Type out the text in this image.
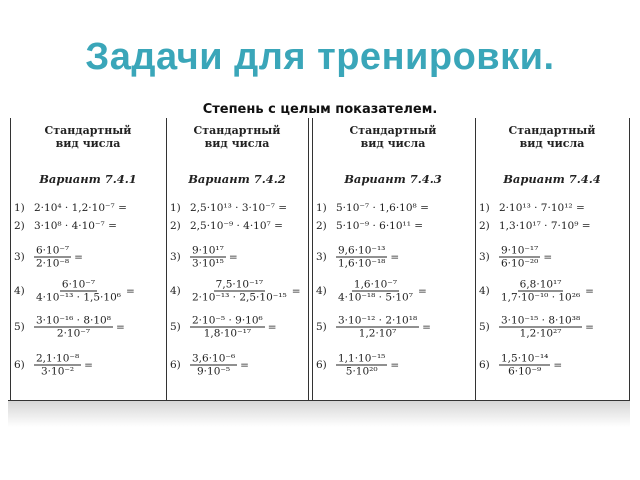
Задачи для тренировки.
Степень с целым показателем.
Стандартный вид числа
Вариант 7.4.1
1) 2·10⁴ · 1,2·10⁻⁷ =
2) 3·10⁸ · 4·10⁻⁷ =
$3) \frac{\text{6·10⁻⁷}}{\text{2·10⁻⁸}}$ =
$4) \frac{\text{6·10⁻⁷}}{\text{4·10⁻¹³ · 1,5·10⁶}}$ =
$5) \frac{\text{3·10⁻¹⁶ · 8·10⁸}}{\text{2·10⁻⁷}}$ =
$6) \frac{\text{2,1·10⁻⁸}}{\text{3·10⁻²}}$ =
Стандартный вид числа
Вариант 7.4.2
1) 2,5·10¹³ · 3·10⁻⁷ =
2) 2,5·10⁻⁹ · 4·10⁷ =
$3) \frac{\text{9·10¹⁷}}{\text{3·10¹⁵}}$ =
$4) \frac{\text{7,5·10⁻¹⁷}}{\text{2·10⁻¹³ · 2,5·10⁻¹⁵}}$ =
$5) \frac{\text{2·10⁻⁵ · 9·10⁶}}{\text{1,8·10⁻¹⁷}}$ =
$6) \frac{\text{3,6·10⁻⁶}}{\text{9·10⁻⁵}}$ =
Стандартный вид числа
Вариант 7.4.3
1) 5·10⁻⁷ · 1,6·10⁸ =
2) 5·10⁻⁹ · 6·10¹¹ =
$3) \frac{\text{9,6·10⁻¹³}}{\text{1,6·10⁻¹⁸}}$ =
$4) \frac{\text{1,6·10⁻⁷}}{\text{4·10⁻¹⁸ · 5·10⁷}}$ =
$5) \frac{\text{3·10⁻¹² · 2·10¹⁸}}{\text{1,2·10⁷}}$ =
$6) \frac{\text{1,1·10⁻¹⁵}}{\text{5·10²⁰}}$ =
Стандартный вид числа
Вариант 7.4.4
1) 2·10¹³ · 7·10¹² =
2) 1,3·10¹⁷ · 7·10⁹ =
$3) \frac{\text{9·10⁻¹⁷}}{\text{6·10⁻²⁰}}$ =
$4) \frac{\text{6,8·10¹⁷}}{\text{1,7·10⁻¹⁰ · 10²⁶}}$ =
$5) \frac{\text{3·10⁻¹⁵ · 8·10³⁸}}{\text{1,2·10²⁷}}$ =
$6) \frac{\text{1,5·10⁻¹⁴}}{\text{6·10⁻⁹}}$ =
